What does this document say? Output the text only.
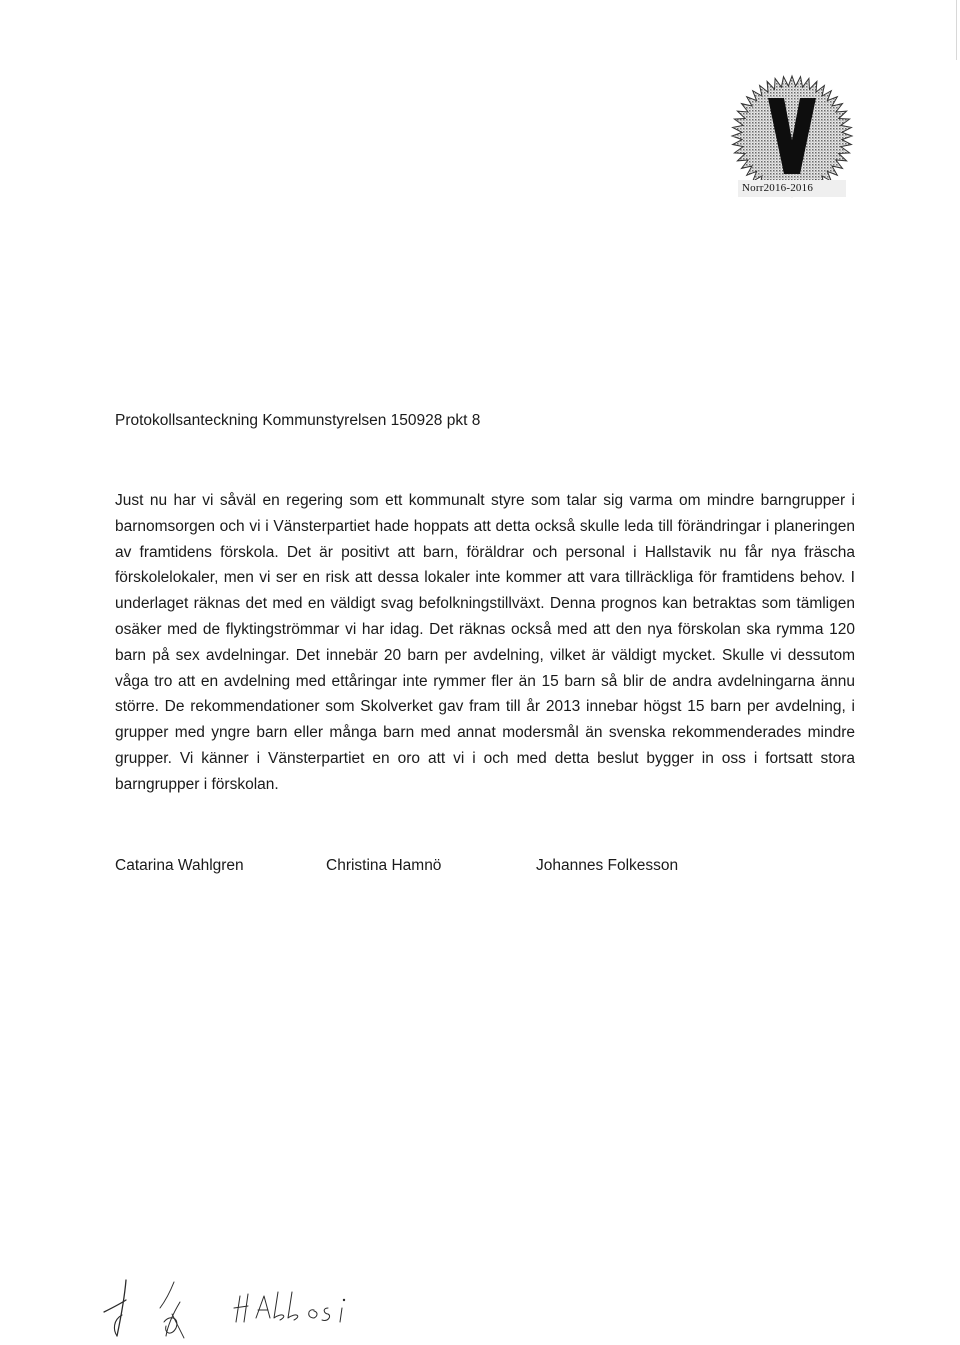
Norr2016-2016
Protokollsanteckning Kommunstyrelsen 150928 pkt 8

Just nu har vi såväl en regering som ett kommunalt styre som talar sig varma om mindre barngrupper i barnomsorgen och vi i Vänsterpartiet hade hoppats att detta också skulle leda till förändringar i planeringen av framtidens förskola. Det är positivt att barn, föräldrar och personal i Hallstavik nu får nya fräscha förskolelokaler, men vi ser en risk att dessa lokaler inte kommer att vara tillräckliga för framtidens behov. I underlaget räknas det med en väldigt svag befolkningstillväxt. Denna prognos kan betraktas som tämligen osäker med de flyktingströmmar vi har idag. Det räknas också med att den nya förskolan ska rymma 120 barn på sex avdelningar. Det innebär 20 barn per avdelning, vilket är väldigt mycket. Skulle vi dessutom våga tro att en avdelning med ettåringar inte rymmer fler än 15 barn så blir de andra avdelningarna ännu större. De rekommendationer som Skolverket gav fram till år 2013 innebar högst 15 barn per avdelning, i grupper med yngre barn eller många barn med annat modersmål än svenska rekommenderades mindre grupper. Vi känner i Vänsterpartiet en oro att vi i och med detta beslut bygger in oss i fortsatt stora barngrupper i förskolan.

Catarina Wahlgren	Christina Hamnö	Johannes Folkesson
